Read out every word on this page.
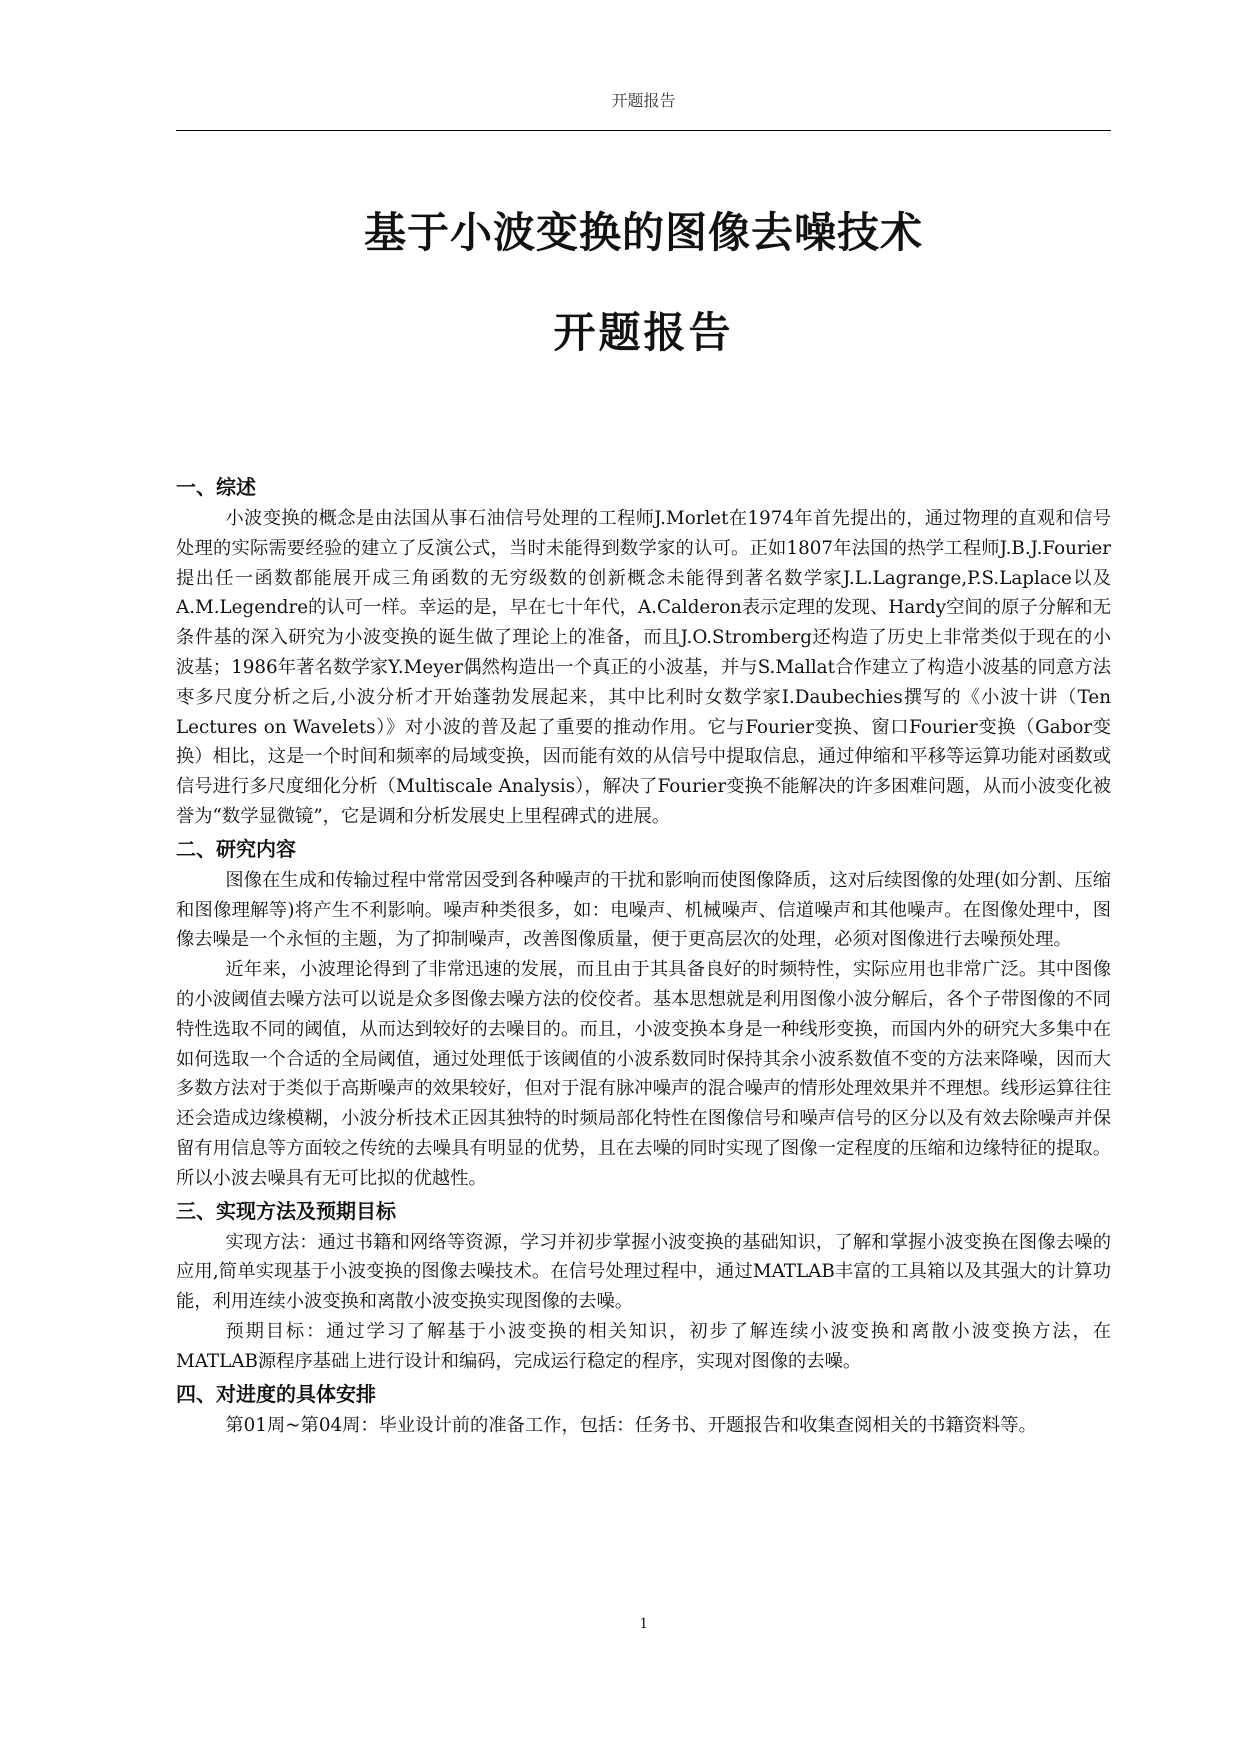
开题报告
基于小波变换的图像去噪技术
开题报告
一、综述

小波变换的概念是由法国从事石油信号处理的工程师J.Morlet在1974年首先提出的，通过物理的直观和信号处理的实际需要经验的建立了反演公式，当时未能得到数学家的认可。正如1807年法国的热学工程师J.B.J.Fourier提出任一函数都能展开成三角函数的无穷级数的创新概念未能得到著名数学家J.L.Lagrange,P.S.Laplace以及A.M.Legendre的认可一样。幸运的是，早在七十年代，A.Calderon表示定理的发现、Hardy空间的原子分解和无条件基的深入研究为小波变换的诞生做了理论上的准备，而且J.O.Stromberg还构造了历史上非常类似于现在的小波基；1986年著名数学家Y.Meyer偶然构造出一个真正的小波基，并与S.Mallat合作建立了构造小波基的同意方法枣多尺度分析之后,小波分析才开始蓬勃发展起来，其中比利时女数学家I.Daubechies撰写的《小波十讲（Ten Lectures on Wavelets）》对小波的普及起了重要的推动作用。它与Fourier变换、窗口Fourier变换（Gabor变换）相比，这是一个时间和频率的局域变换，因而能有效的从信号中提取信息，通过伸缩和平移等运算功能对函数或信号进行多尺度细化分析（Multiscale Analysis），解决了Fourier变换不能解决的许多困难问题，从而小波变化被誉为“数学显微镜”，它是调和分析发展史上里程碑式的进展。

二、研究内容

图像在生成和传输过程中常常因受到各种噪声的干扰和影响而使图像降质，这对后续图像的处理(如分割、压缩和图像理解等)将产生不利影响。噪声种类很多，如：电噪声、机械噪声、信道噪声和其他噪声。在图像处理中，图像去噪是一个永恒的主题，为了抑制噪声，改善图像质量，便于更高层次的处理，必须对图像进行去噪预处理。

近年来，小波理论得到了非常迅速的发展，而且由于其具备良好的时频特性，实际应用也非常广泛。其中图像的小波阈值去噪方法可以说是众多图像去噪方法的佼佼者。基本思想就是利用图像小波分解后，各个子带图像的不同特性选取不同的阈值，从而达到较好的去噪目的。而且，小波变换本身是一种线形变换，而国内外的研究大多集中在如何选取一个合适的全局阈值，通过处理低于该阈值的小波系数同时保持其余小波系数值不变的方法来降噪，因而大多数方法对于类似于高斯噪声的效果较好，但对于混有脉冲噪声的混合噪声的情形处理效果并不理想。线形运算往往还会造成边缘模糊，小波分析技术正因其独特的时频局部化特性在图像信号和噪声信号的区分以及有效去除噪声并保留有用信息等方面较之传统的去噪具有明显的优势，且在去噪的同时实现了图像一定程度的压缩和边缘特征的提取。所以小波去噪具有无可比拟的优越性。

三、实现方法及预期目标

实现方法：通过书籍和网络等资源，学习并初步掌握小波变换的基础知识，了解和掌握小波变换在图像去噪的应用,简单实现基于小波变换的图像去噪技术。在信号处理过程中，通过MATLAB丰富的工具箱以及其强大的计算功能，利用连续小波变换和离散小波变换实现图像的去噪。

预期目标：通过学习了解基于小波变换的相关知识，初步了解连续小波变换和离散小波变换方法，在MATLAB源程序基础上进行设计和编码，完成运行稳定的程序，实现对图像的去噪。

四、对进度的具体安排

第01周~第04周：毕业设计前的准备工作，包括：任务书、开题报告和收集查阅相关的书籍资料等。

1
